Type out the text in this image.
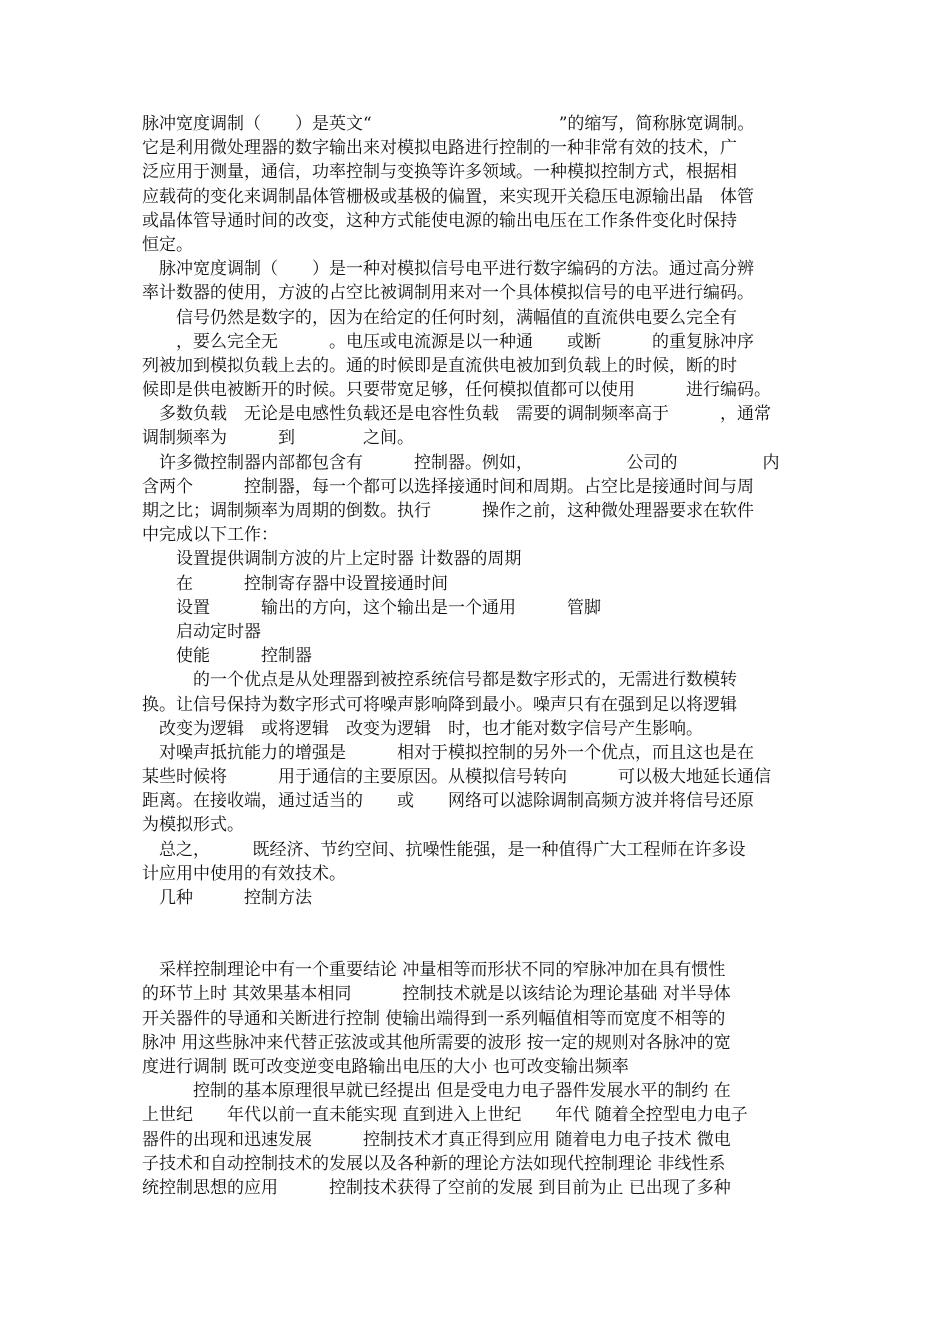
脉冲宽度调制（　　）是英文“　　　　　　　　　　　”的缩写，简称脉宽调制。
它是利用微处理器的数字输出来对模拟电路进行控制的一种非常有效的技术，广
泛应用于测量，通信，功率控制与变换等许多领域。一种模拟控制方式，根据相
应载荷的变化来调制晶体管栅极或基极的偏置，来实现开关稳压电源输出晶　体管
或晶体管导通时间的改变，这种方式能使电源的输出电压在工作条件变化时保持
恒定。
　脉冲宽度调制（　　）是一种对模拟信号电平进行数字编码的方法。通过高分辨
率计数器的使用，方波的占空比被调制用来对一个具体模拟信号的电平进行编码。
　　信号仍然是数字的，因为在给定的任何时刻，满幅值的直流供电要么完全有
　　，要么完全无　　　。电压或电流源是以一种通　　或断　　　的重复脉冲序
列被加到模拟负载上去的。通的时候即是直流供电被加到负载上的时候，断的时
候即是供电被断开的时候。只要带宽足够，任何模拟值都可以使用　　　进行编码。
　多数负载　无论是电感性负载还是电容性负载　需要的调制频率高于　　　，通常
调制频率为　　　到　　　　之间。
　许多微控制器内部都包含有　　　控制器。例如，　　　　　　公司的　　　　　内
含两个　　　控制器，每一个都可以选择接通时间和周期。占空比是接通时间与周
期之比；调制频率为周期的倒数。执行　　　操作之前，这种微处理器要求在软件
中完成以下工作：
　　设置提供调制方波的片上定时器 计数器的周期
　　在　　　控制寄存器中设置接通时间
　　设置　　　输出的方向，这个输出是一个通用　　　管脚
　　启动定时器
　　使能　　　控制器
　　　的一个优点是从处理器到被控系统信号都是数字形式的，无需进行数模转
换。让信号保持为数字形式可将噪声影响降到最小。噪声只有在强到足以将逻辑
　改变为逻辑　或将逻辑　改变为逻辑　时，也才能对数字信号产生影响。
　对噪声抵抗能力的增强是　　　相对于模拟控制的另外一个优点，而且这也是在
某些时候将　　　用于通信的主要原因。从模拟信号转向　　　可以极大地延长通信
距离。在接收端，通过适当的　　或　　网络可以滤除调制高频方波并将信号还原
为模拟形式。
　总之，　　　既经济、节约空间、抗噪性能强，是一种值得广大工程师在许多设
计应用中使用的有效技术。
　几种　　　控制方法
　采样控制理论中有一个重要结论 冲量相等而形状不同的窄脉冲加在具有惯性
的环节上时 其效果基本相同　　　控制技术就是以该结论为理论基础 对半导体
开关器件的导通和关断进行控制 使输出端得到一系列幅值相等而宽度不相等的
脉冲 用这些脉冲来代替正弦波或其他所需要的波形 按一定的规则对各脉冲的宽
度进行调制 既可改变逆变电路输出电压的大小 也可改变输出频率
　　　控制的基本原理很早就已经提出 但是受电力电子器件发展水平的制约 在
上世纪　　年代以前一直未能实现 直到进入上世纪　　年代 随着全控型电力电子
器件的出现和迅速发展　　　控制技术才真正得到应用 随着电力电子技术 微电
子技术和自动控制技术的发展以及各种新的理论方法如现代控制理论 非线性系
统控制思想的应用　　　控制技术获得了空前的发展 到目前为止 已出现了多种
